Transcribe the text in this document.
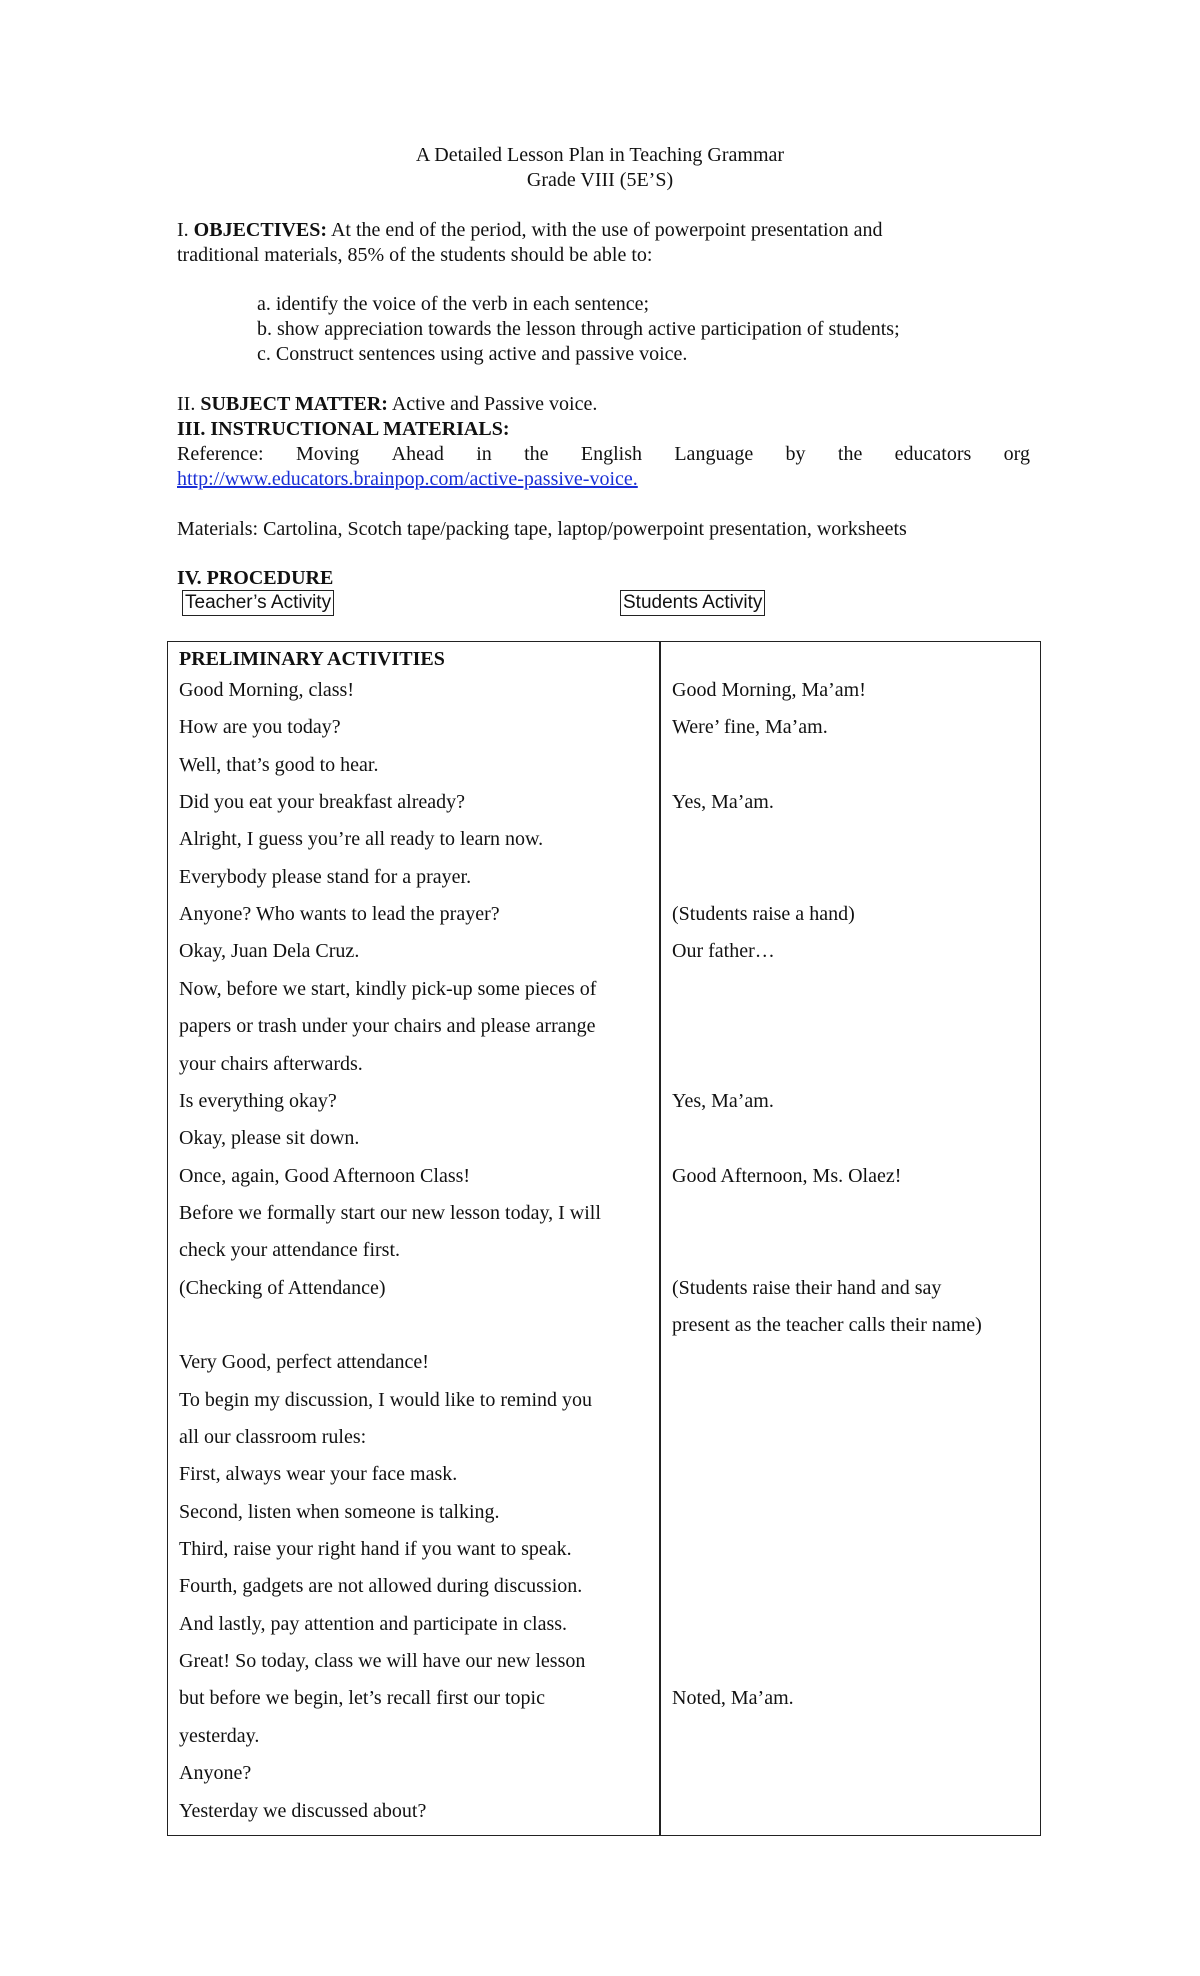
A Detailed Lesson Plan in Teaching Grammar
Grade VIII (5E’S)
I. OBJECTIVES: At the end of the period, with the use of powerpoint presentation and
traditional materials, 85% of the students should be able to:
a. identify the voice of the verb in each sentence;
b. show appreciation towards the lesson through active participation of students;
c. Construct sentences using active and passive voice.
II. SUBJECT MATTER: Active and Passive voice.
III. INSTRUCTIONAL MATERIALS:
Reference: Moving Ahead in the English Language by the educators org
http://www.educators.brainpop.com/active-passive-voice.
Materials: Cartolina, Scotch tape/packing tape, laptop/powerpoint presentation, worksheets
IV. PROCEDURE
Teacher’s Activity	Students Activity
PRELIMINARY ACTIVITIES
Good Morning, class!
How are you today?
Well, that’s good to hear.
Did you eat your breakfast already?
Alright, I guess you’re all ready to learn now.
Everybody please stand for a prayer.
Anyone? Who wants to lead the prayer?
Okay, Juan Dela Cruz.
Now, before we start, kindly pick-up some pieces of
papers or trash under your chairs and please arrange
your chairs afterwards.
Is everything okay?
Okay, please sit down.
Once, again, Good Afternoon Class!
Before we formally start our new lesson today, I will
check your attendance first.
(Checking of Attendance)
Very Good, perfect attendance!
To begin my discussion, I would like to remind you
all our classroom rules:
First, always wear your face mask.
Second, listen when someone is talking.
Third, raise your right hand if you want to speak.
Fourth, gadgets are not allowed during discussion.
And lastly, pay attention and participate in class.
Great! So today, class we will have our new lesson
but before we begin, let’s recall first our topic
yesterday.
Anyone?
Yesterday we discussed about?
Good Morning, Ma’am!
Were’ fine, Ma’am.
Yes, Ma’am.
(Students raise a hand)
Our father…
Yes, Ma’am.
Good Afternoon, Ms. Olaez!
(Students raise their hand and say
present as the teacher calls their name)
Noted, Ma’am.
